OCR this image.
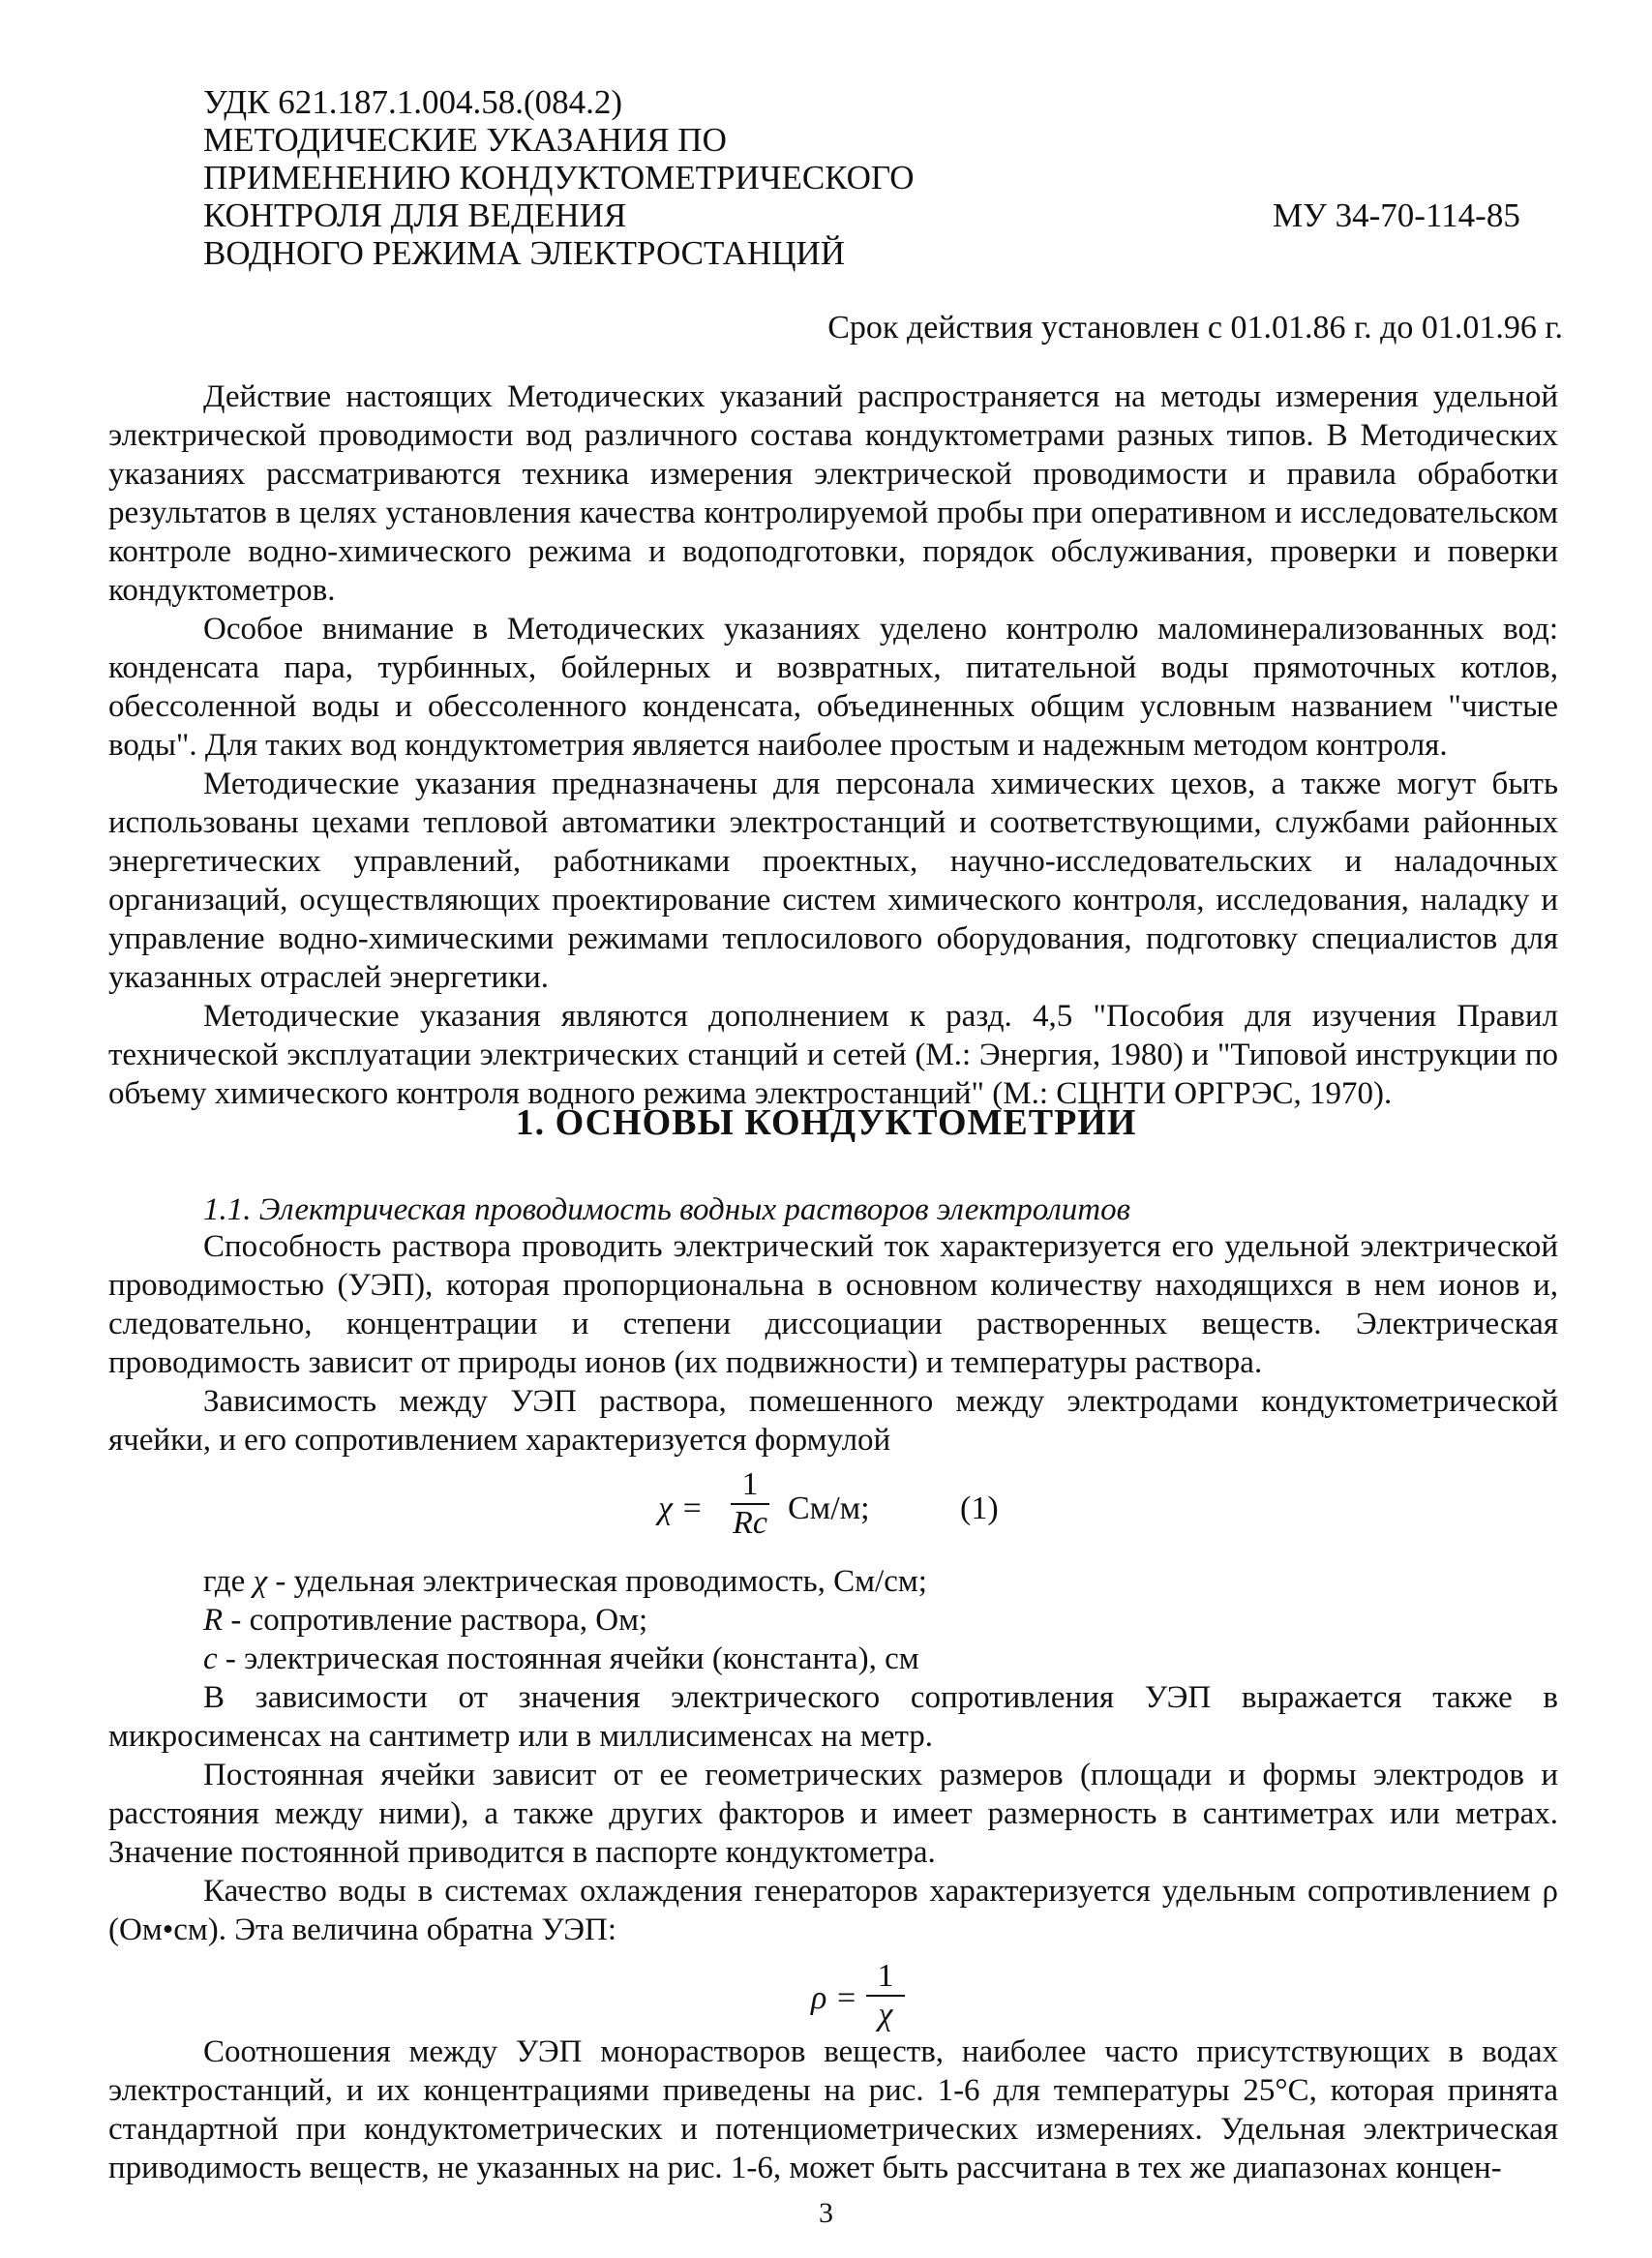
УДК 621.187.1.004.58.(084.2)
МЕТОДИЧЕСКИЕ УКАЗАНИЯ ПО
ПРИМЕНЕНИЮ КОНДУКТОМЕТРИЧЕСКОГО
КОНТРОЛЯ ДЛЯ ВЕДЕНИЯ
ВОДНОГО РЕЖИМА ЭЛЕКТРОСТАНЦИЙ
МУ 34-70-114-85
Срок действия установлен с 01.01.86 г. до 01.01.96 г.

Действие настоящих Методических указаний распространяется на методы измерения удельной электрической проводимости вод различного состава кондуктометрами разных типов. В Методических указаниях рассматриваются техника измерения электрической проводимости и правила обработки результатов в целях установления качества контролируемой пробы при оперативном и исследовательском контроле водно-химического режима и водоподготовки, порядок обслуживания, проверки и поверки кондуктометров.

Особое внимание в Методических указаниях уделено контролю маломинерализованных вод: конденсата пара, турбинных, бойлерных и возвратных, питательной воды прямоточных котлов, обессоленной воды и обессоленного конденсата, объединенных общим условным названием "чистые воды". Для таких вод кондуктометрия является наиболее простым и надежным методом контроля.

Методические указания предназначены для персонала химических цехов, а также могут быть использованы цехами тепловой автоматики электростанций и соответствующими, службами районных энергетических управлений, работниками проектных, научно-исследовательских и наладочных организаций, осуществляющих проектирование систем химического контроля, исследования, наладку и управление водно-химическими режимами теплосилового оборудования, подготовку специалистов для указанных отраслей энергетики.

Методические указания являются дополнением к разд. 4,5 "Пособия для изучения Правил технической эксплуатации электрических станций и сетей (М.: Энергия, 1980) и "Типовой инструкции по объему химического контроля водного режима электростанций" (М.: СЦНТИ ОРГРЭС, 1970).

1. ОСНОВЫ КОНДУКТОМЕТРИИ
1.1. Электрическая проводимость водных растворов электролитов

Способность раствора проводить электрический ток характеризуется его удельной электрической проводимостью (УЭП), которая пропорциональна в основном количеству находящихся в нем ионов и, следовательно, концентрации и степени диссоциации растворенных веществ. Электрическая проводимость зависит от природы ионов (их подвижности) и температуры раствора.

Зависимость между УЭП раствора, помешенного между электродами кондуктометрической ячейки, и его сопротивлением характеризуется формулой

χ =
1
Rc См/м;	(1)
где χ - удельная электрическая проводимость, См/см;
R - сопротивление раствора, Ом;
c - электрическая постоянная ячейки (константа), см

В зависимости от значения электрического сопротивления УЭП выражается также в микросименсах на сантиметр или в миллисименсах на метр.

Постоянная ячейки зависит от ее геометрических размеров (площади и формы электродов и расстояния между ними), а также других факторов и имеет размерность в сантиметрах или метрах. Значение постоянной приводится в паспорте кондуктометра.

Качество воды в системах охлаждения генераторов характеризуется удельным сопротивлением ρ (Ом•см). Эта величина обратна УЭП:

ρ =
1
χ

Соотношения между УЭП монорастворов веществ, наиболее часто присутствующих в водах электростанций, и их концентрациями приведены на рис. 1-6 для температуры 25°С, которая принята стандартной при кондуктометрических и потенциометрических измерениях. Удельная электрическая приводимость веществ, не указанных на рис. 1-6, может быть рассчитана в тех же диапазонах концен-

3
